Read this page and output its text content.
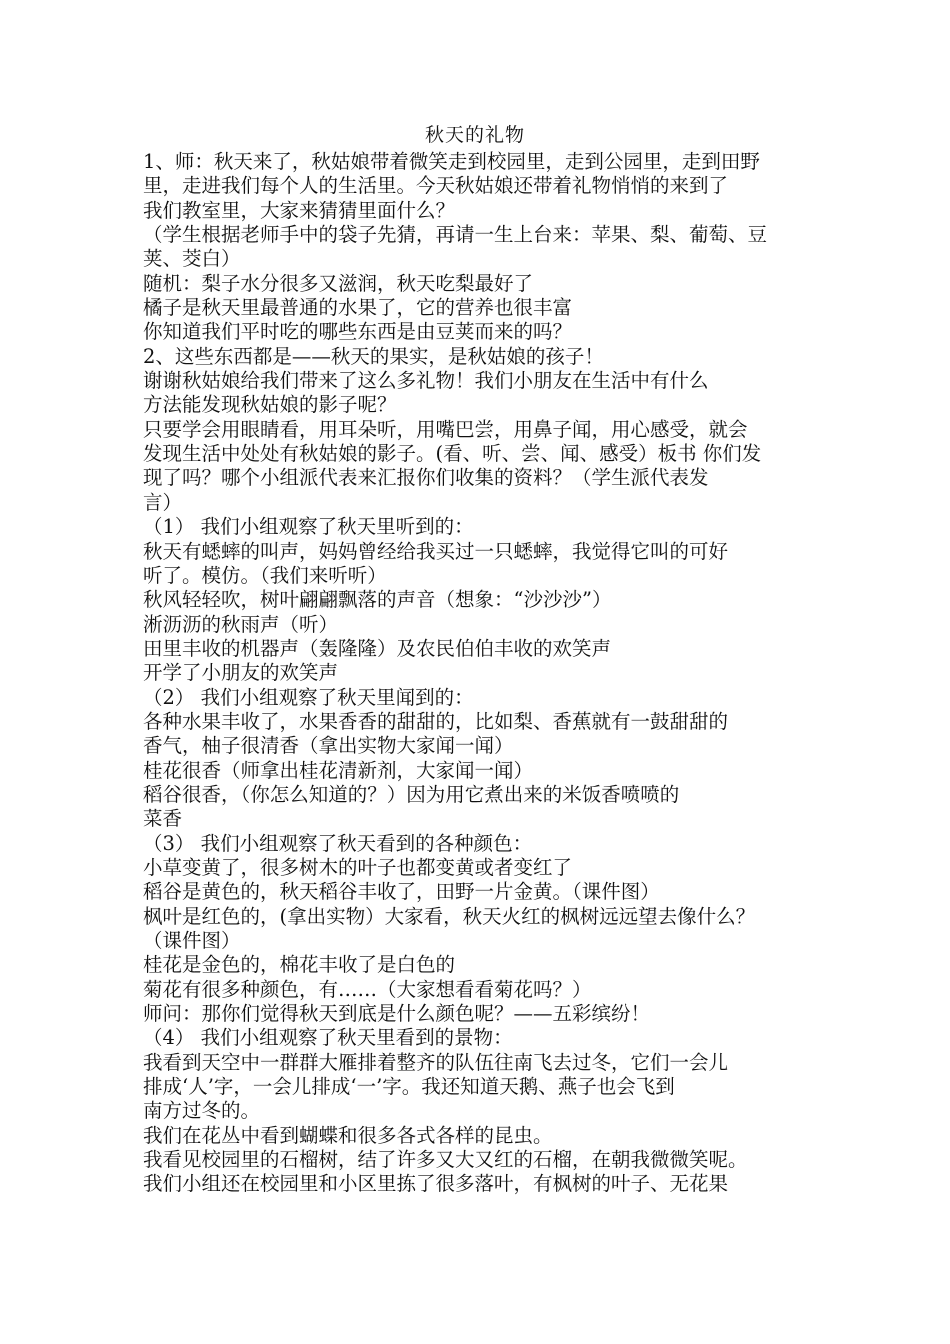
秋天的礼物
1、师：秋天来了，秋姑娘带着微笑走到校园里，走到公园里，走到田野
里，走进我们每个人的生活里。今天秋姑娘还带着礼物悄悄的来到了
我们教室里，大家来猜猜里面什么？
（学生根据老师手中的袋子先猜，再请一生上台来：苹果、梨、葡萄、豆
荚、茭白）
随机：梨子水分很多又滋润，秋天吃梨最好了
橘子是秋天里最普通的水果了，它的营养也很丰富
你知道我们平时吃的哪些东西是由豆荚而来的吗？
2、这些东西都是——秋天的果实，是秋姑娘的孩子！
谢谢秋姑娘给我们带来了这么多礼物！我们小朋友在生活中有什么
方法能发现秋姑娘的影子呢？
只要学会用眼睛看，用耳朵听，用嘴巴尝，用鼻子闻，用心感受，就会
发现生活中处处有秋姑娘的影子。(看、听、尝、闻、感受）板书 你们发
现了吗？哪个小组派代表来汇报你们收集的资料？（学生派代表发
言）
（1） 我们小组观察了秋天里听到的：
秋天有蟋蟀的叫声，妈妈曾经给我买过一只蟋蟀，我觉得它叫的可好
听了。模仿。（我们来听听）
秋风轻轻吹，树叶翩翩飘落的声音（想象：“沙沙沙”）
淅沥沥的秋雨声（听）
田里丰收的机器声（轰隆隆）及农民伯伯丰收的欢笑声
开学了小朋友的欢笑声
（2） 我们小组观察了秋天里闻到的：
各种水果丰收了，水果香香的甜甜的，比如梨、香蕉就有一鼓甜甜的
香气，柚子很清香（拿出实物大家闻一闻）
桂花很香（师拿出桂花清新剂，大家闻一闻）
稻谷很香，（你怎么知道的？）因为用它煮出来的米饭香喷喷的
菜香
（3） 我们小组观察了秋天看到的各种颜色：
小草变黄了，很多树木的叶子也都变黄或者变红了
稻谷是黄色的，秋天稻谷丰收了，田野一片金黄。（课件图）
枫叶是红色的，(拿出实物）大家看，秋天火红的枫树远远望去像什么？
（课件图）
桂花是金色的，棉花丰收了是白色的
菊花有很多种颜色，有……（大家想看看菊花吗？）
师问：那你们觉得秋天到底是什么颜色呢？——五彩缤纷！
（4） 我们小组观察了秋天里看到的景物：
我看到天空中一群群大雁排着整齐的队伍往南飞去过冬，它们一会儿
排成‘人’字，一会儿排成‘一’字。我还知道天鹅、燕子也会飞到
南方过冬的。
我们在花丛中看到蝴蝶和很多各式各样的昆虫。
我看见校园里的石榴树，结了许多又大又红的石榴，在朝我微微笑呢。
我们小组还在校园里和小区里拣了很多落叶，有枫树的叶子、无花果
